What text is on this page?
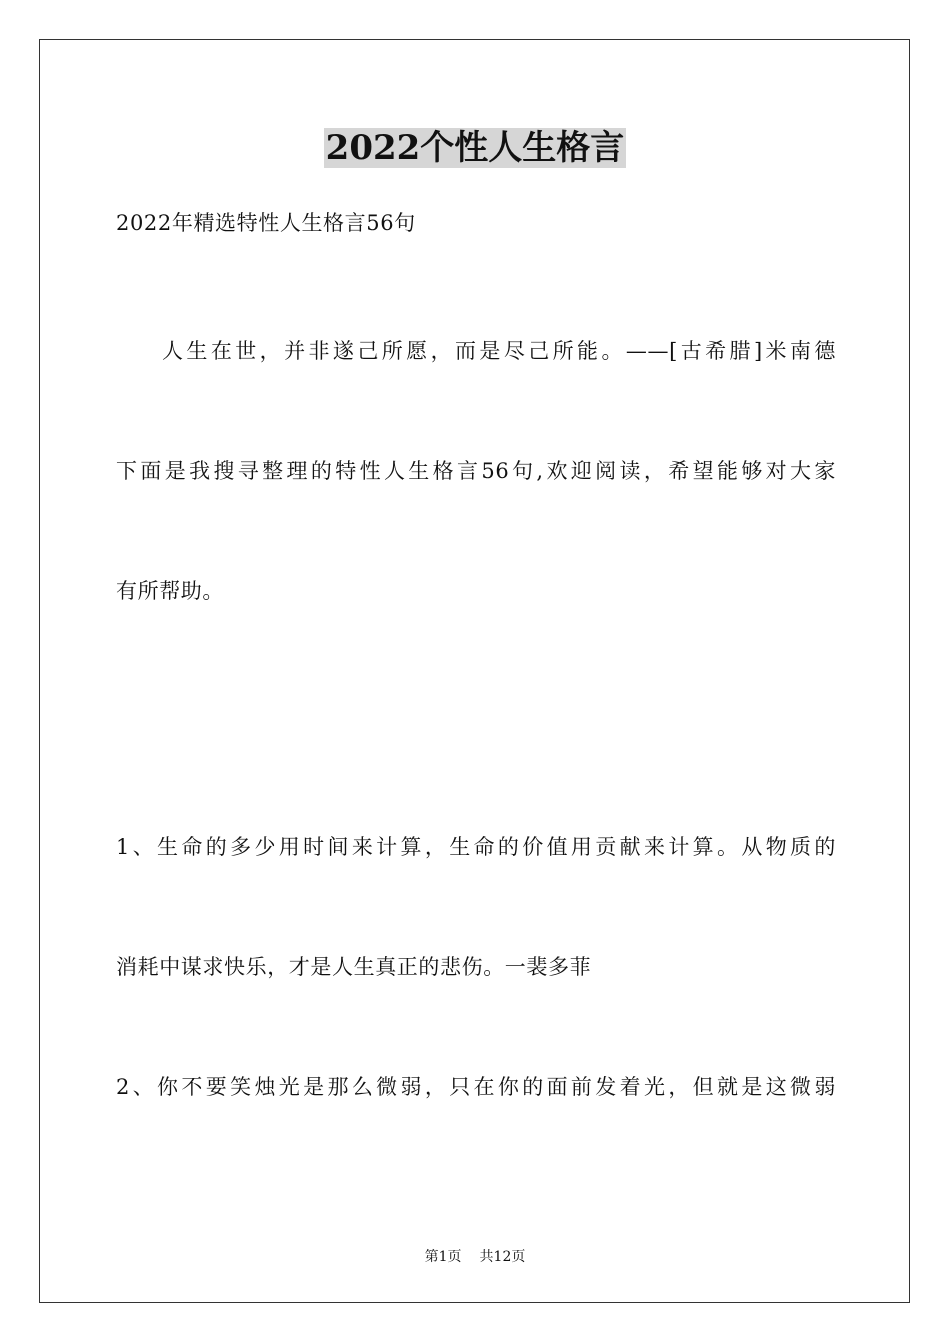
2022个性人生格言
2022年精选特性人生格言56句
人生在世，并非遂己所愿，而是尽己所能。——[古希腊]米南德
下面是我搜寻整理的特性人生格言56句,欢迎阅读，希望能够对大家
有所帮助。
1、生命的多少用时间来计算，生命的价值用贡献来计算。从物质的
消耗中谋求快乐，才是人生真正的悲伤。一裴多菲
2、你不要笑烛光是那么微弱，只在你的面前发着光，但就是这微弱
第1页 共12页
